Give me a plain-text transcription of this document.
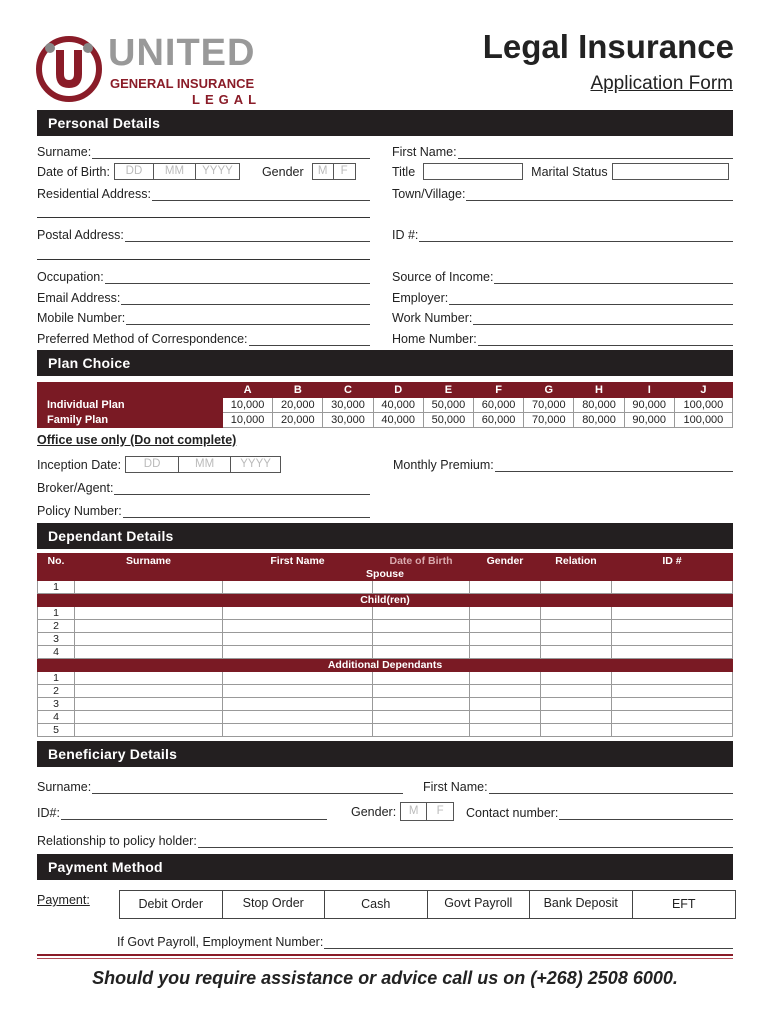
UNITED
GENERAL INSURANCE
LEGAL
Legal Insurance
Application Form
Personal Details
Surname:	First Name:
Date of Birth:	DD	MM	YYYY	Gender	M	F	Title	Marital Status
Residential Address:	Town/Village:
Postal Address:	ID #:
Occupation:	Source of Income:
Email Address:	Employer:
Mobile Number:	Work Number:
Preferred Method of Correspondence:	Home Number:
Plan Choice
	A	B	C	D	E	F	G	H	I	J
Individual Plan	10,000	20,000	30,000	40,000	50,000	60,000	70,000	80,000	90,000	100,000
Family Plan	10,000	20,000	30,000	40,000	50,000	60,000	70,000	80,000	90,000	100,000
Office use only (Do not complete)
Inception Date:	DD	MM	YYYY	Monthly Premium:
Broker/Agent:
Policy Number:
Dependant Details
No.	Surname	First Name	Date of Birth	Gender	Relation	ID #
Spouse						
1						
Child(ren)						
1						
2						
3						
4						
Additional Dependants						
1						
2						
3						
4						
5						
Beneficiary Details
Surname:	First Name:
ID#:	Gender:	M	F	Contact number:
Relationship to policy holder:
Payment Method
Payment:	Debit Order	Stop Order	Cash	Govt Payroll	Bank Deposit	EFT
If Govt Payroll, Employment Number:
Should you require assistance or advice call us on (+268) 2508 6000.
